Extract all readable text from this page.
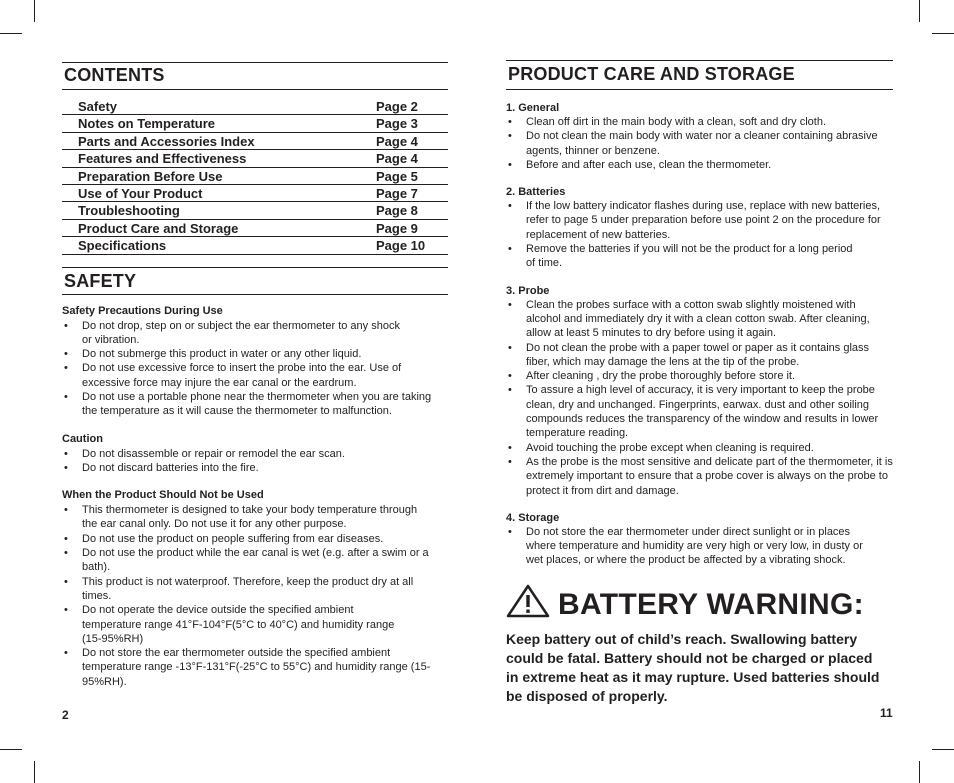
CONTENTS
Safety	Page 2
Notes on Temperature	Page 3
Parts and Accessories Index	Page 4
Features and Effectiveness	Page 4
Preparation Before Use	Page 5
Use of Your Product	Page 7
Troubleshooting	Page 8
Product Care and Storage	Page 9
Specifications	Page 10
SAFETY

Safety Precautions During Use

• Do not drop, step on or subject the ear thermometer to any shock or vibration.
• Do not submerge this product in water or any other liquid.
• Do not use excessive force to insert the probe into the ear. Use of excessive force may injure the ear canal or the eardrum.
• Do not use a portable phone near the thermometer when you are taking the temperature as it will cause the thermometer to malfunction.

Caution

• Do not disassemble or repair or remodel the ear scan.
• Do not discard batteries into the fire.

When the Product Should Not be Used

• This thermometer is designed to take your body temperature through the ear canal only. Do not use it for any other purpose.
• Do not use the product on people suffering from ear diseases.
• Do not use the product while the ear canal is wet (e.g. after a swim or a bath).
• This product is not waterproof. Therefore, keep the product dry at all times.
• Do not operate the device outside the specified ambient temperature range 41°F-104°F(5°C to 40°C) and humidity range (15-95%RH)
• Do not store the ear thermometer outside the specified ambient temperature range -13°F-131°F(-25°C to 55°C) and humidity range (15-95%RH).
2
PRODUCT CARE AND STORAGE

1. General

• Clean off dirt in the main body with a clean, soft and dry cloth.
• Do not clean the main body with water nor a cleaner containing abrasive agents, thinner or benzene.
• Before and after each use, clean the thermometer.

2. Batteries

• If the low battery indicator flashes during use, replace with new batteries, refer to page 5 under preparation before use point 2 on the procedure for replacement of new batteries.
• Remove the batteries if you will not be the product for a long period of time.

3. Probe

• Clean the probes surface with a cotton swab slightly moistened with alcohol and immediately dry it with a clean cotton swab. After cleaning, allow at least 5 minutes to dry before using it again.
• Do not clean the probe with a paper towel or paper as it contains glass fiber, which may damage the lens at the tip of the probe.
• After cleaning , dry the probe thoroughly before store it.
• To assure a high level of accuracy, it is very important to keep the probe clean, dry and unchanged. Fingerprints, earwax. dust and other soiling compounds reduces the transparency of the window and results in lower temperature reading.
• Avoid touching the probe except when cleaning is required.
• As the probe is the most sensitive and delicate part of the thermometer, it is extremely important to ensure that a probe cover is always on the probe to protect it from dirt and damage.

4. Storage

• Do not store the ear thermometer under direct sunlight or in places where temperature and humidity are very high or very low, in dusty or wet places, or where the product be affected by a vibrating shock.
BATTERY WARNING:
Keep battery out of child’s reach. Swallowing battery could be fatal. Battery should not be charged or placed in extreme heat as it may rupture. Used batteries should be disposed of properly.
11
